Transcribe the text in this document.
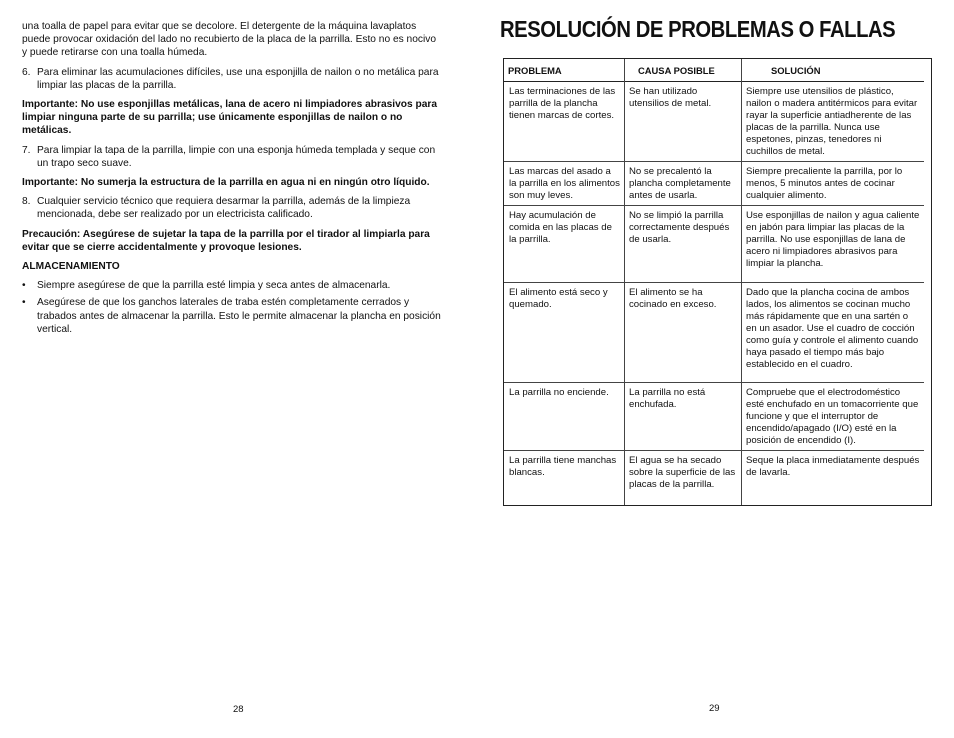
una toalla de papel para evitar que se decolore. El detergente de la máquina lavaplatos puede provocar oxidación del lado no recubierto de la placa de la parrilla. Esto no es nocivo y puede retirarse con una toalla húmeda.

6. Para eliminar las acumulaciones difíciles, use una esponjilla de nailon o no metálica para limpiar las placas de la parrilla.

Importante: No use esponjillas metálicas, lana de acero ni limpiadores abrasivos para limpiar ninguna parte de su parrilla; use únicamente esponjillas de nailon o no metálicas.

7. Para limpiar la tapa de la parrilla, limpie con una esponja húmeda templada y seque con un trapo seco suave.

Importante: No sumerja la estructura de la parrilla en agua ni en ningún otro líquido.

8. Cualquier servicio técnico que requiera desarmar la parrilla, además de la limpieza mencionada, debe ser realizado por un electricista calificado.

Precaución: Asegúrese de sujetar la tapa de la parrilla por el tirador al limpiarla para evitar que se cierre accidentalmente y provoque lesiones.

ALMACENAMIENTO
•	Siempre asegúrese de que la parrilla esté limpia y seca antes de almacenarla.
•	Asegúrese de que los ganchos laterales de traba estén completamente cerrados y trabados antes de almacenar la parrilla. Esto le permite almacenar la plancha en posición vertical.
28
RESOLUCIÓN DE PROBLEMAS O FALLAS
PROBLEMA	CAUSA POSIBLE	SOLUCIÓN
Las terminaciones de las parrilla de la plancha tienen marcas de cortes.	Se han utilizado utensilios de metal.	Siempre use utensilios de plástico, nailon o madera antitérmicos para evitar rayar la superficie antiadherente de las placas de la parrilla. Nunca use espetones, pinzas, tenedores ni cuchillos de metal.
Las marcas del asado a la parrilla en los alimentos son muy leves.	No se precalentó la plancha completamente antes de usarla.	Siempre precaliente la parrilla, por lo menos, 5 minutos antes de cocinar cualquier alimento.
Hay acumulación de comida en las placas de la parrilla.	No se limpió la parrilla correctamente después de usarla.	Use esponjillas de nailon y agua caliente en jabón para limpiar las placas de la parrilla. No use esponjillas de lana de acero ni limpiadores abrasivos para limpiar la plancha.
El alimento está seco y quemado.	El alimento se ha cocinado en exceso.	Dado que la plancha cocina de ambos lados, los alimentos se cocinan mucho más rápidamente que en una sartén o en un asador. Use el cuadro de cocción como guía y controle el alimento cuando haya pasado el tiempo más bajo establecido en el cuadro.
La parrilla no enciende.	La parrilla no está enchufada.	Compruebe que el electrodoméstico esté enchufado en un tomacorriente que funcione y que el interruptor de encendido/apagado (I/O) esté en la posición de encendido (I).
La parrilla tiene manchas blancas.	El agua se ha secado sobre la superficie de las placas de la parrilla.	Seque la placa inmediatamente después de lavarla.
29
